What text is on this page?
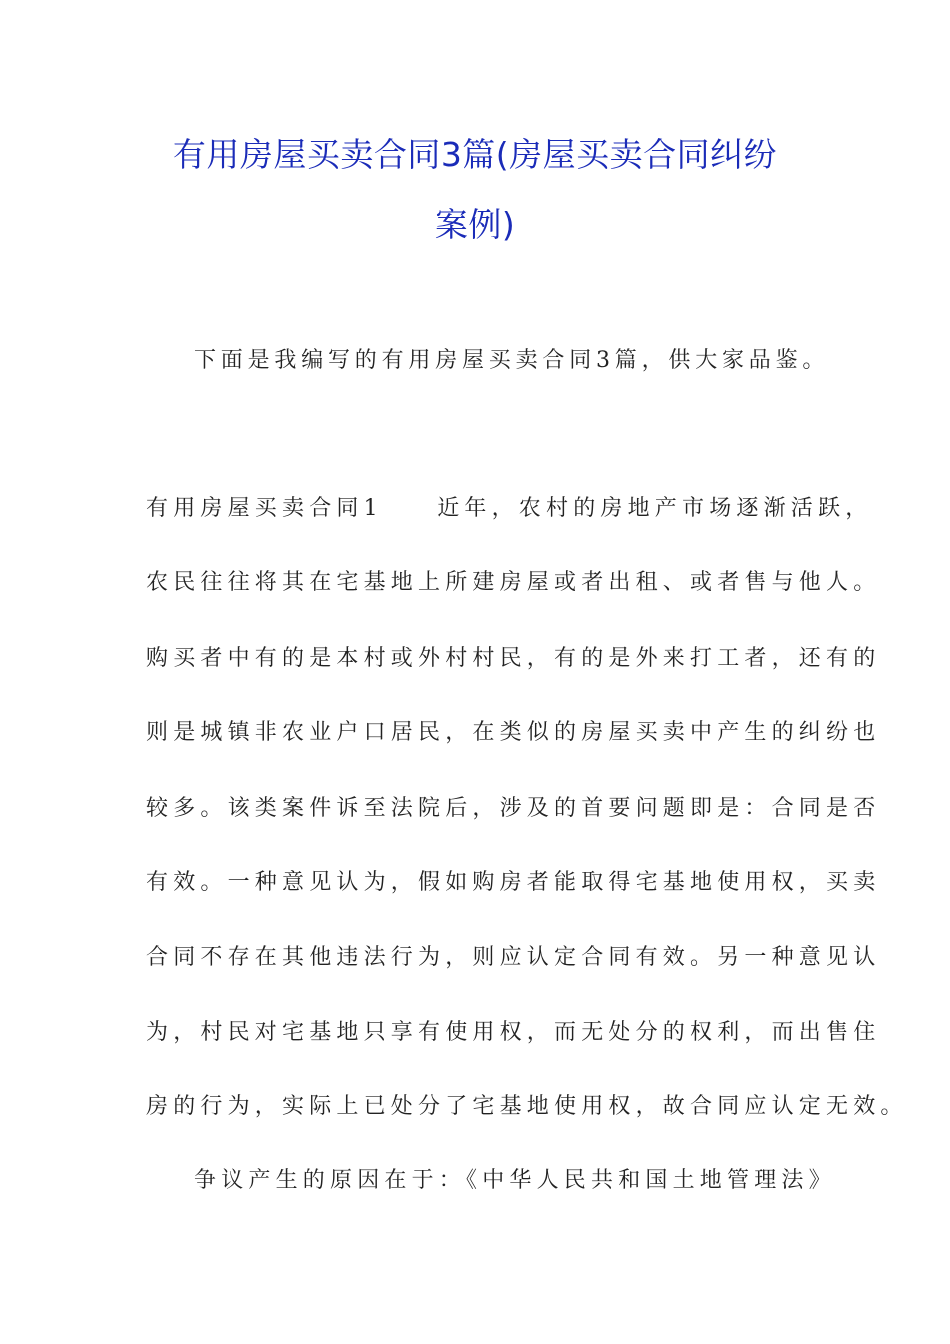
有用房屋买卖合同3篇(房屋买卖合同纠纷
案例)
下面是我编写的有用房屋买卖合同3篇，供大家品鉴。
有用房屋买卖合同1　　近年，农村的房地产市场逐渐活跃，
农民往往将其在宅基地上所建房屋或者出租、或者售与他人。
购买者中有的是本村或外村村民，有的是外来打工者，还有的
则是城镇非农业户口居民，在类似的房屋买卖中产生的纠纷也
较多。该类案件诉至法院后，涉及的首要问题即是：合同是否
有效。一种意见认为，假如购房者能取得宅基地使用权，买卖
合同不存在其他违法行为，则应认定合同有效。另一种意见认
为，村民对宅基地只享有使用权，而无处分的权利，而出售住
房的行为，实际上已处分了宅基地使用权，故合同应认定无效。
争议产生的原因在于：《中华人民共和国土地管理法》
